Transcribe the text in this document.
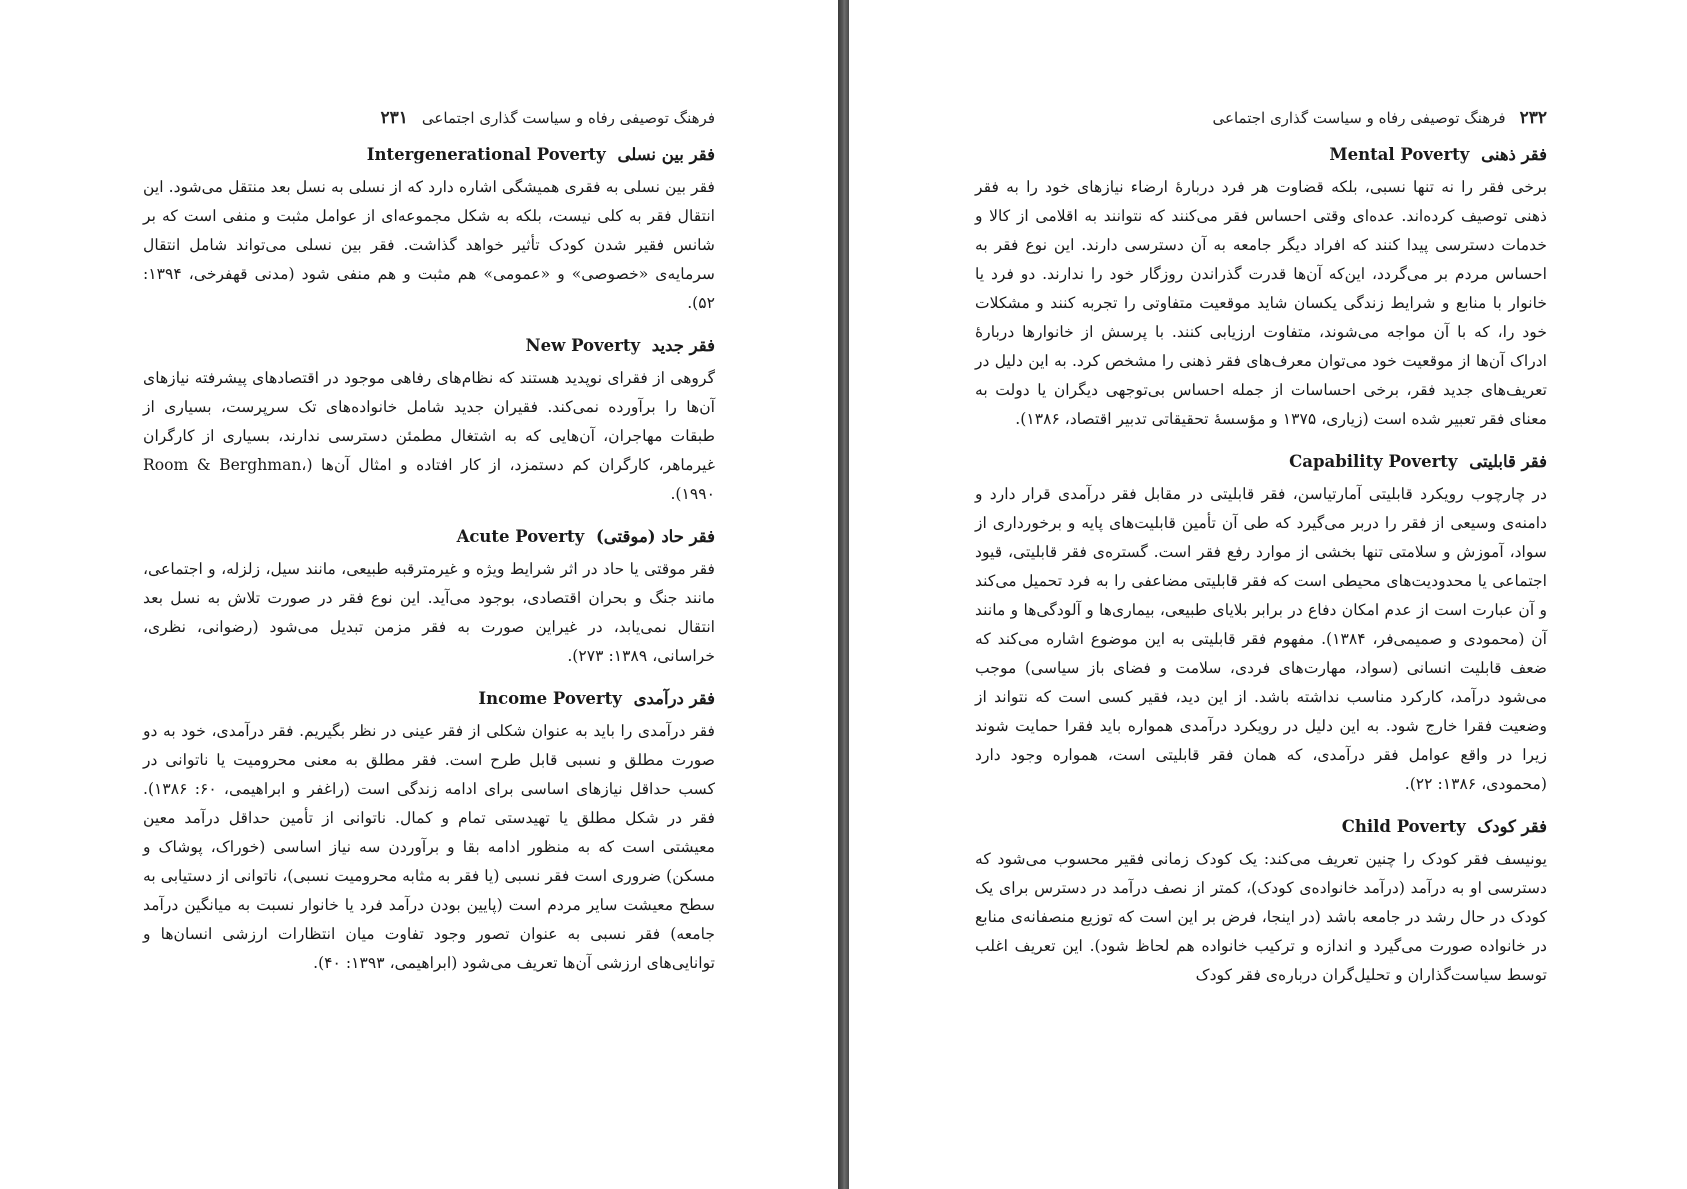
فرهنگ توصیفی رفاه و سیاست گذاری اجتماعی
۲۳۱
فقر بین نسلی Intergenerational Poverty

فقر بین نسلی به فقری همیشگی اشاره دارد که از نسلی به نسل بعد منتقل می‌شود. این انتقال فقر به کلی نیست، بلکه به شکل مجموعه‌ای از عوامل مثبت و منفی است که بر شانس فقیر شدن کودک تأثیر خواهد گذاشت. فقر بین نسلی می‌تواند شامل انتقال سرمایه‌ی «خصوصی» و «عمومی» هم مثبت و هم منفی شود (مدنی قهفرخی، ۱۳۹۴: ۵۲).

فقر جدید New Poverty

گروهی از فقرای نوپدید هستند که نظام‌های رفاهی موجود در اقتصادهای پیشرفته نیازهای آن‌ها را برآورده نمی‌کند. فقیران جدید شامل خانواده‌های تک سرپرست، بسیاری از طبقات مهاجران، آن‌هایی که به اشتغال مطمئن دسترسی ندارند، بسیاری از کارگران غیرماهر، کارگران کم دستمزد، از کار افتاده و امثال آن‌ها (Room & Berghman، ۱۹۹۰).

فقر حاد (موقتی) Acute Poverty

فقر موقتی یا حاد در اثر شرایط ویژه و غیرمترقبه طبیعی، مانند سیل، زلزله، و اجتماعی، مانند جنگ و بحران اقتصادی، بوجود می‌آید. این نوع فقر در صورت تلاش به نسل بعد انتقال نمی‌یابد، در غیراین صورت به فقر مزمن تبدیل می‌شود (رضوانی، نظری، خراسانی، ۱۳۸۹: ۲۷۳).

فقر درآمدی Income Poverty

فقر درآمدی را باید به عنوان شکلی از فقر عینی در نظر بگیریم. فقر درآمدی، خود به دو صورت مطلق و نسبی قابل طرح است. فقر مطلق به معنی محرومیت یا ناتوانی در کسب حداقل نیازهای اساسی برای ادامه زندگی است (راغفر و ابراهیمی، ۶۰: ۱۳۸۶). فقر در شکل مطلق یا تهیدستی تمام و کمال. ناتوانی از تأمین حداقل درآمد معین معیشتی است که به منظور ادامه بقا و برآوردن سه نیاز اساسی (خوراک، پوشاک و مسکن) ضروری است فقر نسبی (یا فقر به مثابه محرومیت نسبی)، ناتوانی از دستیابی به سطح معیشت سایر مردم است (پایین بودن درآمد فرد یا خانوار نسبت به میانگین درآمد جامعه) فقر نسبی به عنوان تصور وجود تفاوت میان انتظارات ارزشی انسان‌ها و توانایی‌های ارزشی آن‌ها تعریف می‌شود (ابراهیمی، ۱۳۹۳: ۴۰).

۲۳۲
فرهنگ توصیفی رفاه و سیاست گذاری اجتماعی
فقر ذهنی Mental Poverty

برخی فقر را نه تنها نسبی، بلکه قضاوت هر فرد دربارهٔ ارضاء نیازهای خود را به فقر ذهنی توصیف کرده‌اند. عده‌ای وقتی احساس فقر می‌کنند که نتوانند به اقلامی از کالا و خدمات دسترسی پیدا کنند که افراد دیگر جامعه به آن دسترسی دارند. این نوع فقر به احساس مردم بر می‌گردد، این‌که آن‌ها قدرت گذراندن روزگار خود را ندارند. دو فرد یا خانوار با منابع و شرایط زندگی یکسان شاید موقعیت متفاوتی را تجربه کنند و مشکلات خود را، که با آن مواجه می‌شوند، متفاوت ارزیابی کنند. با پرسش از خانوارها دربارهٔ ادراک آن‌ها از موقعیت خود می‌توان معرف‌های فقر ذهنی را مشخص کرد. به این دلیل در تعریف‌های جدید فقر، برخی احساسات از جمله احساس بی‌توجهی دیگران یا دولت به معنای فقر تعبیر شده است (زیاری، ۱۳۷۵ و مؤسسهٔ تحقیقاتی تدبیر اقتصاد، ۱۳۸۶).

فقر قابلیتی Capability Poverty

در چارچوب رویکرد قابلیتی آمارتیاسن، فقر قابلیتی در مقابل فقر درآمدی قرار دارد و دامنه‌ی وسیعی از فقر را دربر می‌گیرد که طی آن تأمین قابلیت‌های پایه و برخورداری از سواد، آموزش و سلامتی تنها بخشی از موارد رفع فقر است. گستره‌ی فقر قابلیتی، قیود اجتماعی یا محدودیت‌های محیطی است که فقر قابلیتی مضاعفی را به فرد تحمیل می‌کند و آن عبارت است از عدم امکان دفاع در برابر بلایای طبیعی، بیماری‌ها و آلودگی‌ها و مانند آن (محمودی و صمیمی‌فر، ۱۳۸۴). مفهوم فقر قابلیتی به این موضوع اشاره می‌کند که ضعف قابلیت انسانی (سواد، مهارت‌های فردی، سلامت و فضای باز سیاسی) موجب می‌شود درآمد، کارکرد مناسب نداشته باشد. از این دید، فقیر کسی است که نتواند از وضعیت فقرا خارج شود. به این دلیل در رویکرد درآمدی همواره باید فقرا حمایت شوند زیرا در واقع عوامل فقر درآمدی، که همان فقر قابلیتی است، همواره وجود دارد (محمودی، ۱۳۸۶: ۲۲).

فقر کودک Child Poverty

یونیسف فقر کودک را چنین تعریف می‌کند: یک کودک زمانی فقیر محسوب می‌شود که دسترسی او به درآمد (درآمد خانواده‌ی کودک)، کمتر از نصف درآمد در دسترس برای یک کودک در حال رشد در جامعه باشد (در اینجا، فرض بر این است که توزیع منصفانه‌ی منابع در خانواده صورت می‌گیرد و اندازه و ترکیب خانواده هم لحاظ شود). این تعریف اغلب توسط سیاست‌گذاران و تحلیل‌گران درباره‌ی فقر کودک
